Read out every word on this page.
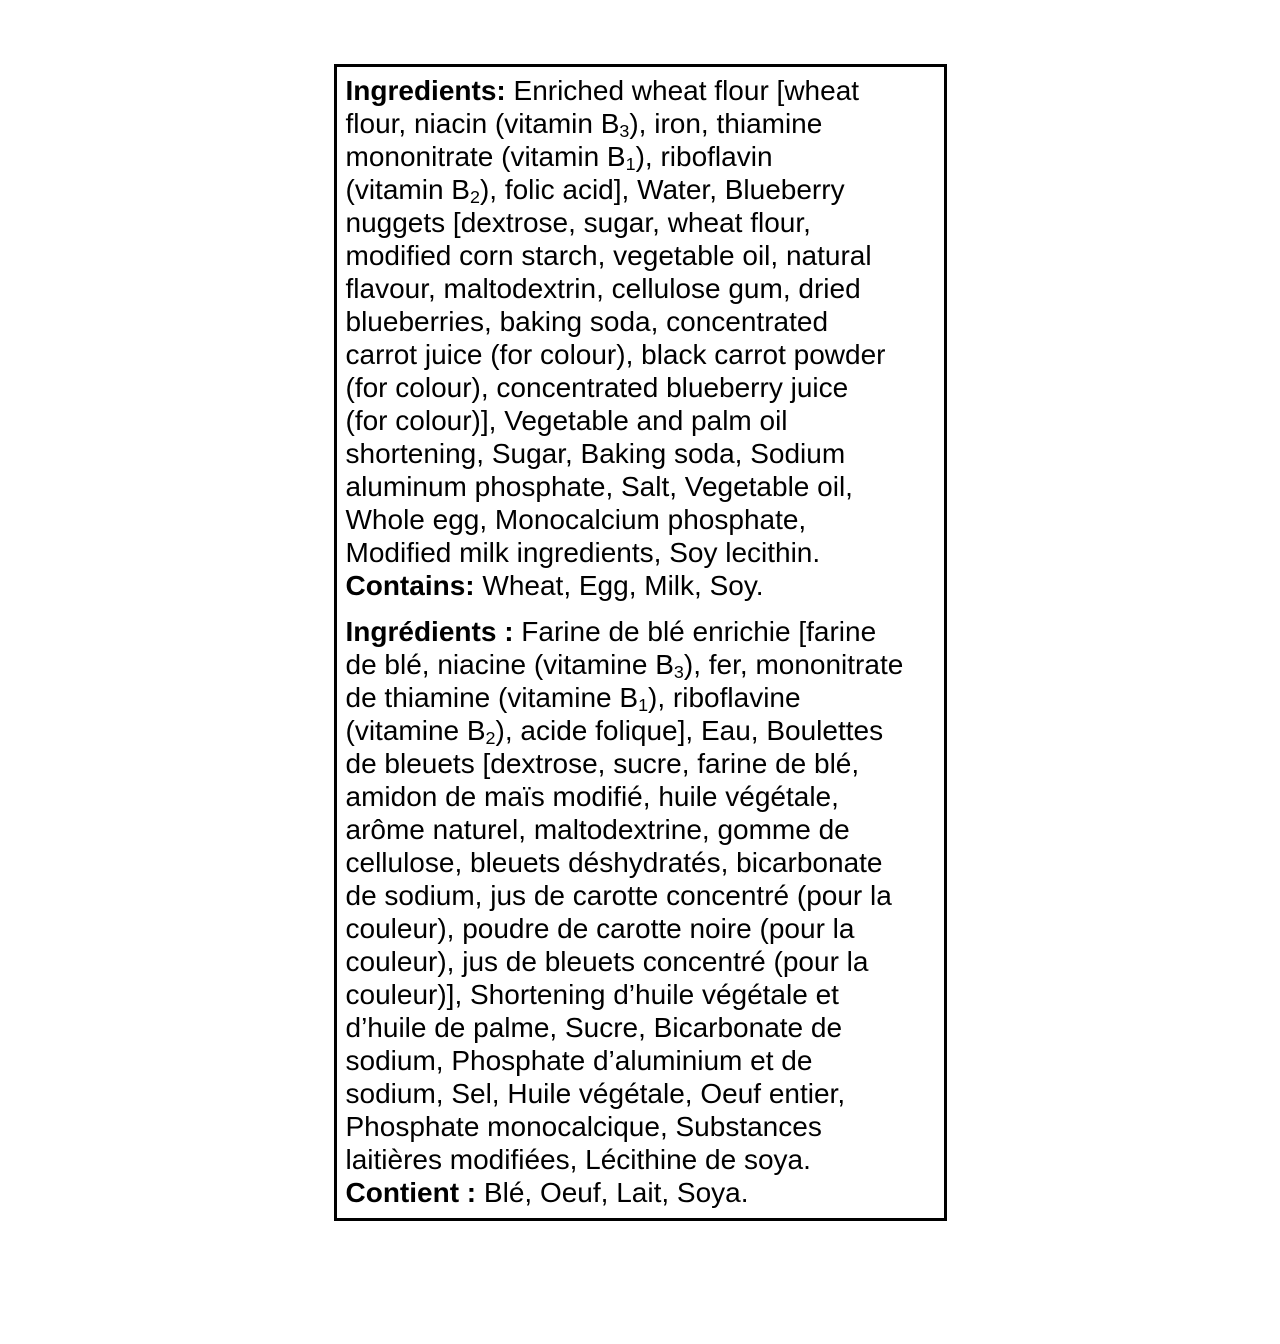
Ingredients: Enriched wheat flour [wheat
flour, niacin (vitamin B3), iron, thiamine
mononitrate (vitamin B1), riboflavin
(vitamin B2), folic acid], Water, Blueberry
nuggets [dextrose, sugar, wheat flour,
modified corn starch, vegetable oil, natural
flavour, maltodextrin, cellulose gum, dried
blueberries, baking soda, concentrated
carrot juice (for colour), black carrot powder
(for colour), concentrated blueberry juice
(for colour)], Vegetable and palm oil
shortening, Sugar, Baking soda, Sodium
aluminum phosphate, Salt, Vegetable oil,
Whole egg, Monocalcium phosphate,
Modified milk ingredients, Soy lecithin.
Contains: Wheat, Egg, Milk, Soy.

Ingrédients : Farine de blé enrichie [farine
de blé, niacine (vitamine B3), fer, mononitrate
de thiamine (vitamine B1), riboflavine
(vitamine B2), acide folique], Eau, Boulettes
de bleuets [dextrose, sucre, farine de blé,
amidon de maïs modifié, huile végétale,
arôme naturel, maltodextrine, gomme de
cellulose, bleuets déshydratés, bicarbonate
de sodium, jus de carotte concentré (pour la
couleur), poudre de carotte noire (pour la
couleur), jus de bleuets concentré (pour la
couleur)], Shortening d’huile végétale et
d’huile de palme, Sucre, Bicarbonate de
sodium, Phosphate d’aluminium et de
sodium, Sel, Huile végétale, Oeuf entier,
Phosphate monocalcique, Substances
laitières modifiées, Lécithine de soya.
Contient : Blé, Oeuf, Lait, Soya.
